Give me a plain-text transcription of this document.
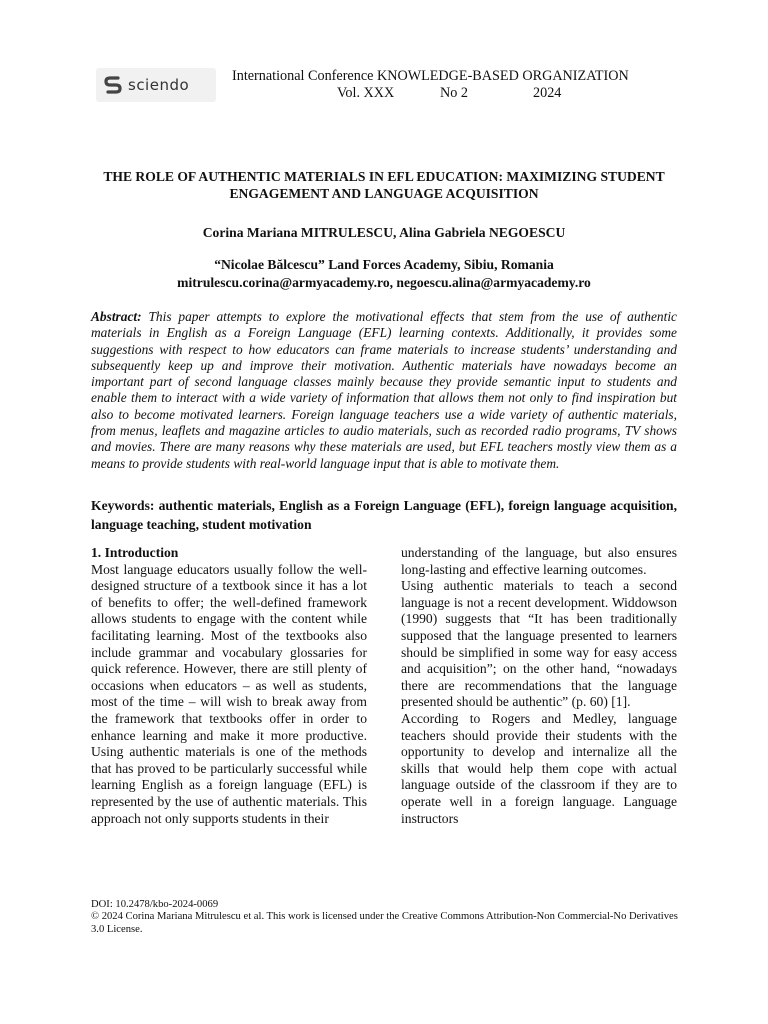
sciendo	International Conference KNOWLEDGE-BASED ORGANIZATION
Vol. XXX	No 2	2024
THE ROLE OF AUTHENTIC MATERIALS IN EFL EDUCATION: MAXIMIZING STUDENT ENGAGEMENT AND LANGUAGE ACQUISITION
Corina Mariana MITRULESCU, Alina Gabriela NEGOESCU
“Nicolae Bălcescu” Land Forces Academy, Sibiu, Romania
mitrulescu.corina@armyacademy.ro, negoescu.alina@armyacademy.ro
Abstract: This paper attempts to explore the motivational effects that stem from the use of authentic materials in English as a Foreign Language (EFL) learning contexts. Additionally, it provides some suggestions with respect to how educators can frame materials to increase students’ understanding and subsequently keep up and improve their motivation. Authentic materials have nowadays become an important part of second language classes mainly because they provide semantic input to students and enable them to interact with a wide variety of information that allows them not only to find inspiration but also to become motivated learners. Foreign language teachers use a wide variety of authentic materials, from menus, leaflets and magazine articles to audio materials, such as recorded radio programs, TV shows and movies. There are many reasons why these materials are used, but EFL teachers mostly view them as a means to provide students with real-world language input that is able to motivate them.
Keywords: authentic materials, English as a Foreign Language (EFL), foreign language acquisition, language teaching, student motivation

1. Introduction

Most language educators usually follow the well-designed structure of a textbook since it has a lot of benefits to offer; the well-defined framework allows students to engage with the content while facilitating learning. Most of the textbooks also include grammar and vocabulary glossaries for quick reference. However, there are still plenty of occasions when educators – as well as students, most of the time – will wish to break away from the framework that textbooks offer in order to enhance learning and make it more productive. Using authentic materials is one of the methods that has proved to be particularly successful while learning English as a foreign language (EFL) is represented by the use of authentic materials. This approach not only supports students in their

understanding of the language, but also ensures long-lasting and effective learning outcomes.

Using authentic materials to teach a second language is not a recent development. Widdowson (1990) suggests that “It has been traditionally supposed that the language presented to learners should be simplified in some way for easy access and acquisition”; on the other hand, “nowadays there are recommendations that the language presented should be authentic” (p. 60) [1].

According to Rogers and Medley, language teachers should provide their students with the opportunity to develop and internalize all the skills that would help them cope with actual language outside of the classroom if they are to operate well in a foreign language. Language instructors

DOI: 10.2478/kbo-2024-0069
© 2024 Corina Mariana Mitrulescu et al. This work is licensed under the Creative Commons Attribution-Non Commercial-No Derivatives 3.0 License.
